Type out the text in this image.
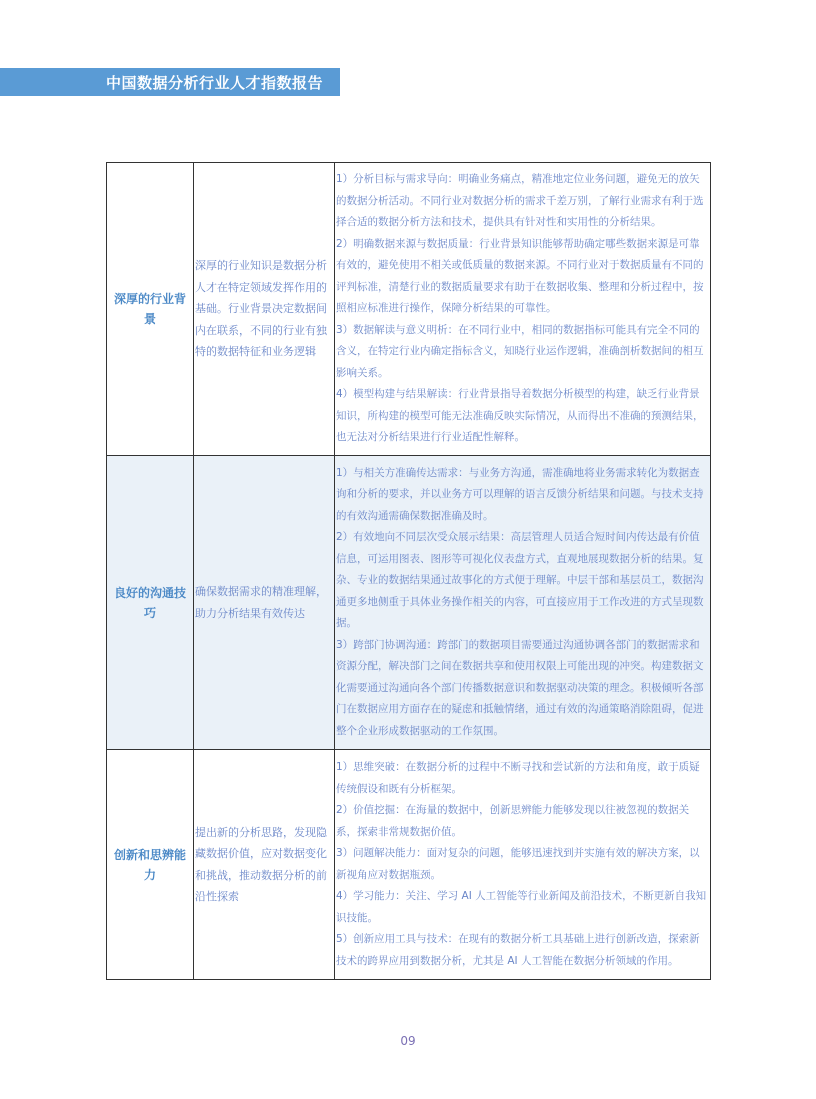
中国数据分析行业人才指数报告
深厚的行业背景	深厚的行业知识是数据分析人才在特定领域发挥作用的基础。行业背景决定数据间内在联系，不同的行业有独特的数据特征和业务逻辑	1）分析目标与需求导向：明确业务痛点，精准地定位业务问题，避免无的放矢的数据分析活动。不同行业对数据分析的需求千差万别，了解行业需求有利于选择合适的数据分析方法和技术，提供具有针对性和实用性的分析结果。

2）明确数据来源与数据质量：行业背景知识能够帮助确定哪些数据来源是可靠有效的，避免使用不相关或低质量的数据来源。不同行业对于数据质量有不同的评判标准，清楚行业的数据质量要求有助于在数据收集、整理和分析过程中，按照相应标准进行操作，保障分析结果的可靠性。

3）数据解读与意义明析：在不同行业中，相同的数据指标可能具有完全不同的含义，在特定行业内确定指标含义，知晓行业运作逻辑，准确剖析数据间的相互影响关系。

4）模型构建与结果解读：行业背景指导着数据分析模型的构建，缺乏行业背景知识，所构建的模型可能无法准确反映实际情况，从而得出不准确的预测结果，也无法对分析结果进行行业适配性解释。

良好的沟通技巧	确保数据需求的精准理解，助力分析结果有效传达	1）与相关方准确传达需求：与业务方沟通，需准确地将业务需求转化为数据查询和分析的要求，并以业务方可以理解的语言反馈分析结果和问题。与技术支持的有效沟通需确保数据准确及时。

2）有效地向不同层次受众展示结果：高层管理人员适合短时间内传达最有价值信息，可运用图表、图形等可视化仪表盘方式，直观地展现数据分析的结果。复杂、专业的数据结果通过故事化的方式便于理解。中层干部和基层员工，数据沟通更多地侧重于具体业务操作相关的内容，可直接应用于工作改进的方式呈现数据。

3）跨部门协调沟通：跨部门的数据项目需要通过沟通协调各部门的数据需求和资源分配，解决部门之间在数据共享和使用权限上可能出现的冲突。构建数据文化需要通过沟通向各个部门传播数据意识和数据驱动决策的理念。积极倾听各部门在数据应用方面存在的疑虑和抵触情绪，通过有效的沟通策略消除阻碍，促进整个企业形成数据驱动的工作氛围。

创新和思辨能力	提出新的分析思路，发现隐藏数据价值，应对数据变化和挑战，推动数据分析的前沿性探索	1）思维突破：在数据分析的过程中不断寻找和尝试新的方法和角度，敢于质疑传统假设和既有分析框架。

2）价值挖掘：在海量的数据中，创新思辨能力能够发现以往被忽视的数据关系，探索非常规数据价值。

3）问题解决能力：面对复杂的问题，能够迅速找到并实施有效的解决方案，以新视角应对数据瓶颈。

4）学习能力：关注、学习 AI 人工智能等行业新闻及前沿技术，不断更新自我知识技能。

5）创新应用工具与技术：在现有的数据分析工具基础上进行创新改造，探索新技术的跨界应用到数据分析，尤其是 AI 人工智能在数据分析领域的作用。

09
